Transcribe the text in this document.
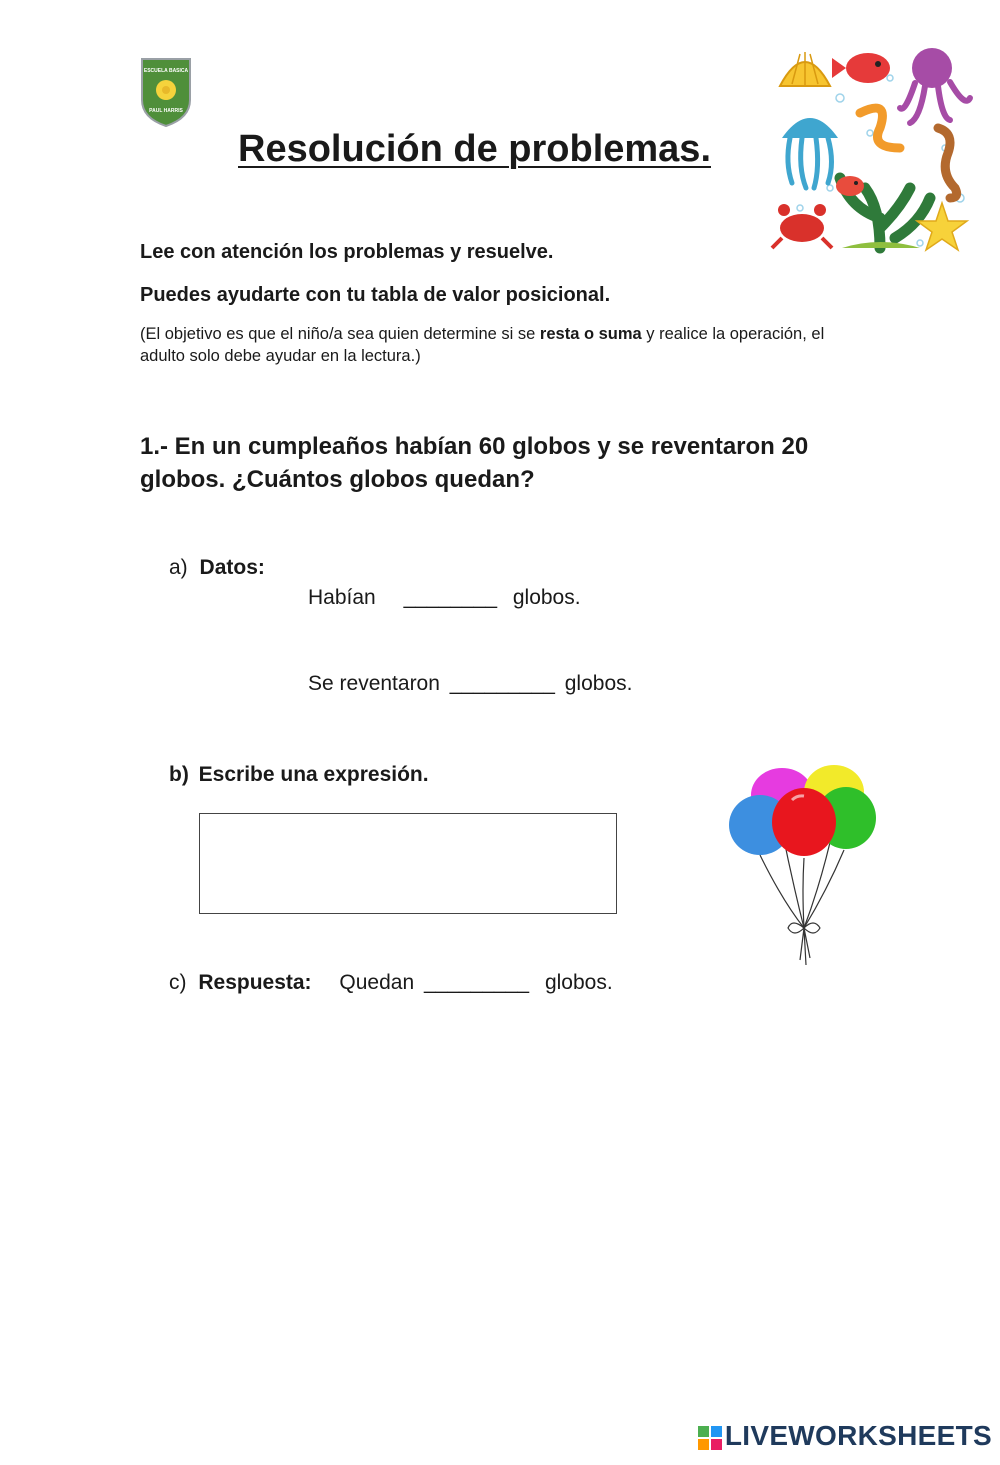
ESCUELA BASICA
PAUL HARRIS
Resolución de problemas.
Lee con atención los problemas y resuelve.
Puedes ayudarte con tu tabla de valor posicional.
(El objetivo es que el niño/a sea quien determine si se resta o suma y realice la operación, el adulto solo debe ayudar en la lectura.)
1.- En un cumpleaños habían 60 globos y se reventaron 20 globos. ¿Cuántos globos quedan?
a) Datos:
Habían ________ globos.
Se reventaron _________ globos.
b) Escribe una expresión.
c) Respuesta: Quedan _________ globos.
LIVEWORKSHEETS
